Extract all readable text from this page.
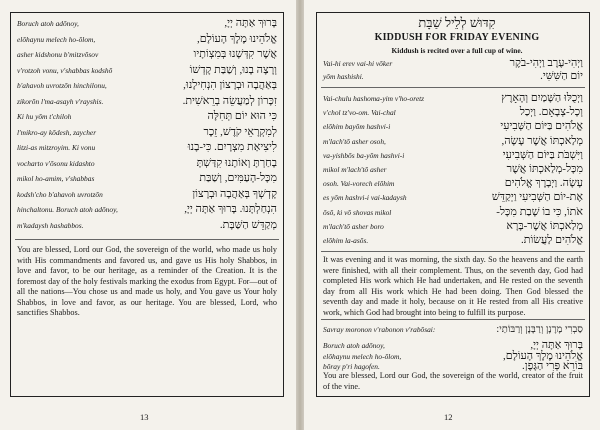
Boruch atoh adōnoy,	בָּרוּךְ אַתָּה יְיָ,
elōhaynu melech ho-ōlom,	אֱלֹהֵינוּ מֶלֶךְ הָעוֹלָם,
asher kidshonu b'mitzvōsov	אֲשֶׁר קִדְּשָׁנוּ בְּמִצְוֹתָיו
v'rotzoh vonu, v'shabbas kodshō	וְרָצָה בָנוּ, וְשַׁבַּת קָדְשׁוֹ
b'ahavoh uvrotzōn hinchilonu,	בְּאַהֲבָה וּבְרָצוֹן הִנְחִילָנוּ,
zikorōn l'ma-asayh v'rayshis.	זִכָּרוֹן לְמַעֲשֵׂה בְרֵאשִׁית.
Ki hu yōm t'chiloh	כִּי הוּא יוֹם תְּחִלָּה
l'mikro-ay kōdesh, zaycher	לְמִקְרָאֵי קֹדֶשׁ, זֵכֶר
litzi-as mitzroyim. Ki vonu	לִיצִיאַת מִצְרָיִם. כִּי-בָנוּ
vocharto v'ōsonu kidashto	בָחַרְתָּ וְאוֹתָנוּ קִדַּשְׁתָּ
mikol ho-amim, v'shabbas	מִכָּל-הָעַמִּים, וְשַׁבַּת
kodsh'cho b'ahavoh uvrotzōn	קָדְשְׁךָ בְּאַהֲבָה וּבְרָצוֹן
hinchaltonu. Boruch atoh adōnoy,	הִנְחַלְתָּנוּ. בָּרוּךְ אַתָּה יְיָ,
m'kadaysh hashabbos.	מְקַדֵּשׁ הַשַּׁבָּת.
You are blessed, Lord our God, the sovereign of the world, who made us holy with His commandments and favored us, and gave us His holy Shabbos, in love and favor, to be our heritage, as a reminder of the Creation. It is the foremost day of the holy festivals marking the exodus from Egypt. For—out of all the nations—You chose us and made us holy, and You gave us Your holy Shabbos, in love and favor, as our heritage. You are blessed, Lord, who sanctifies Shabbos.
13
קִדּוּשׁ לְלֵיל שַׁבָּת
KIDDUSH FOR FRIDAY EVENING
Kiddush is recited over a full cup of wine.
Vai-hi erev vai-hi vōker	וַיְהִי-עֶרֶב וַיְהִי-בֹקֶר
yōm hashishi.	יוֹם הַשִּׁשִּׁי.
Vai-chulu hashoma-yim v'ho-oretz	וַיְכֻלּוּ הַשָּׁמַיִם וְהָאָרֶץ
v'chol tz'vo-om. Vai-chal	וְכָל-צְבָאָם. וַיְכַל
elōhim bayōm hashvi-i	אֱלֹהִים בַּיּוֹם הַשְּׁבִיעִי
m'lach'tō asher osoh,	מְלַאכְתּוֹ אֲשֶׁר עָשָׂה,
va-yishbōs ba-yōm hashvi-i	וַיִּשְׁבֹּת בַּיּוֹם הַשְּׁבִיעִי
mikol m'lach'tō asher	מִכָּל-מְלַאכְתּוֹ אֲשֶׁר
osoh. Vai-vorech elōhim	עָשָׂה. וַיְבָרֶךְ אֱלֹהִים
es yōm hashvi-i vai-kadaysh	אֶת-יוֹם הַשְּׁבִיעִי וַיְקַדֵּשׁ
ōsō, ki vō shovas mikol	אֹתוֹ, כִּי בוֹ שָׁבַת מִכָּל-
m'lach'tō asher boro	מְלַאכְתּוֹ אֲשֶׁר-בָּרָא
elōhim la-asōs.	אֱלֹהִים לַעֲשׂוֹת.
It was evening and it was morning, the sixth day. So the heavens and the earth were finished, with all their complement. Thus, on the seventh day, God had completed His work which He had undertaken, and He rested on the seventh day from all His work which He had been doing. Then God blessed the seventh day and made it holy, because on it He rested from all His creative work, which God had brought into being to fulfill its purpose.
Savray moronon v'rabonon v'rabōsai:	סַבְרִי מָרָנָן וְרַבָּנָן וְרַבּוֹתַי:
Boruch atoh adōnoy,	בָּרוּךְ אַתָּה יְיָ,
elōhaynu melech ho-ōlom,	אֱלֹהֵינוּ מֶלֶךְ הָעוֹלָם,
bōray p'ri hagofen.	בּוֹרֵא פְּרִי הַגָּפֶן.
You are blessed, Lord our God, the sovereign of the world, creator of the fruit of the vine.
12
